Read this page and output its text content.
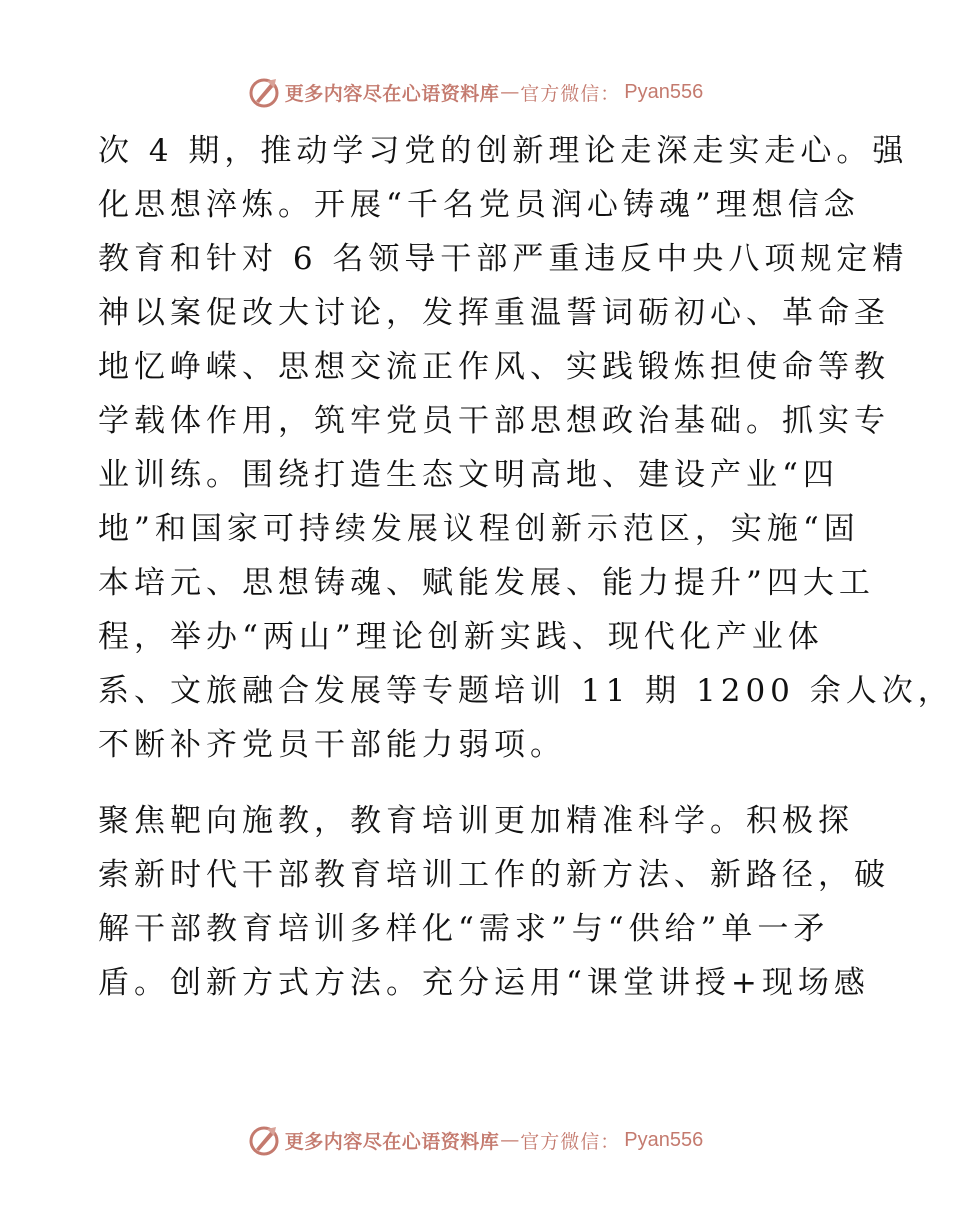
更多内容尽在心语资料库 — 官方微信： Pyan556
次 4 期，推动学习党的创新理论走深走实走心。强
化思想淬炼。开展“千名党员润心铸魂”理想信念
教育和针对 6 名领导干部严重违反中央八项规定精
神以案促改大讨论，发挥重温誓词砺初心、革命圣
地忆峥嵘、思想交流正作风、实践锻炼担使命等教
学载体作用，筑牢党员干部思想政治基础。抓实专
业训练。围绕打造生态文明高地、建设产业“四
地”和国家可持续发展议程创新示范区，实施“固
本培元、思想铸魂、赋能发展、能力提升”四大工
程，举办“两山”理论创新实践、现代化产业体
系、文旅融合发展等专题培训 11 期 1200 余人次，
不断补齐党员干部能力弱项。
聚焦靶向施教，教育培训更加精准科学。积极探
索新时代干部教育培训工作的新方法、新路径，破
解干部教育培训多样化“需求”与“供给”单一矛
盾。创新方式方法。充分运用“课堂讲授+现场感
更多内容尽在心语资料库 — 官方微信： Pyan556
